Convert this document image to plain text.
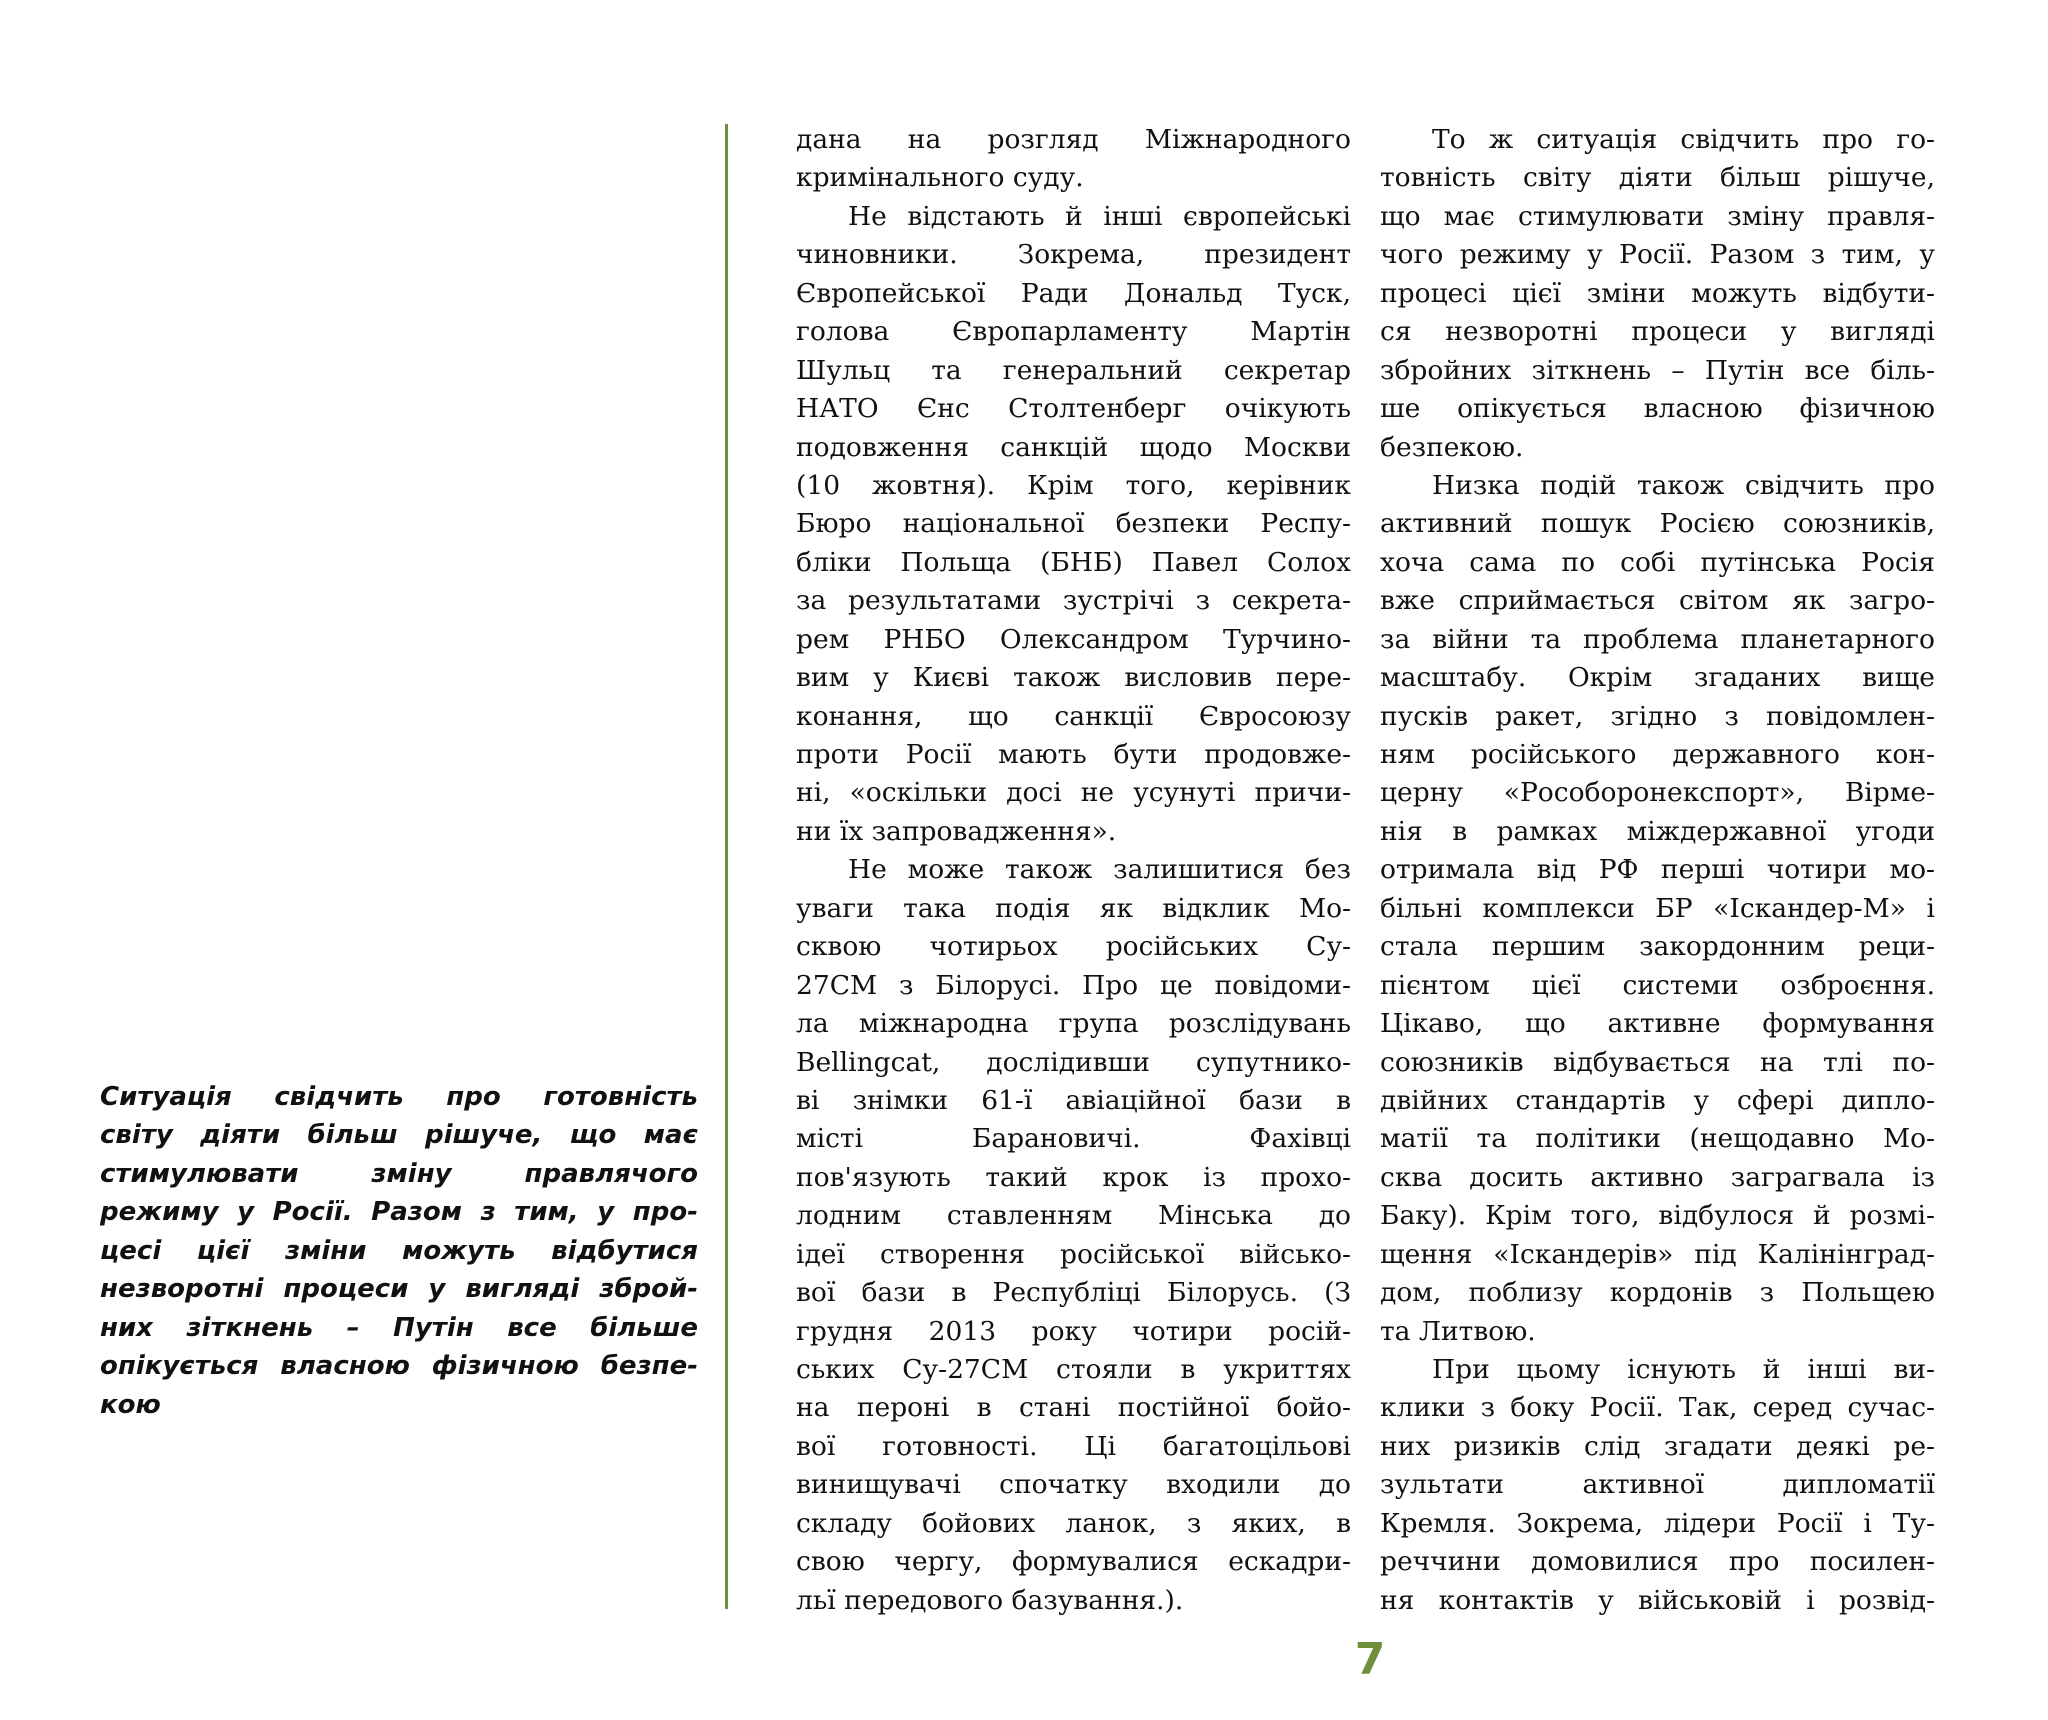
Ситуація свідчить про готовність
світу діяти більш рішуче, що має
стимулювати зміну правлячого
режиму у Росії. Разом з тим, у про-
цесі цієї зміни можуть відбутися
незворотні процеси у вигляді зброй-
них зіткнень – Путін все більше
опікується власною фізичною безпе-
кою
дана на розгляд Міжнародного
кримінального суду.
Не відстають й інші європейські
чиновники. Зокрема, президент
Європейської Ради Дональд Туск,
голова Європарламенту Мартін
Шульц та генеральний секретар
НАТО Єнс Столтенберг очікують
подовження санкцій щодо Москви
(10 жовтня). Крім того, керівник
Бюро національної безпеки Респу-
бліки Польща (БНБ) Павел Солох
за результатами зустрічі з секрета-
рем РНБО Олександром Турчино-
вим у Києві також висловив пере-
конання, що санкції Євросоюзу
проти Росії мають бути продовже-
ні, «оскільки досі не усунуті причи-
ни їх запровадження».
Не може також залишитися без
уваги така подія як відклик Мо-
сквою чотирьох російських Су-
27СМ з Білорусі. Про це повідоми-
ла міжнародна група розслідувань
Bellingcat, дослідивши супутнико-
ві знімки 61-ї авіаційної бази в
місті Барановичі. Фахівці
пов'язують такий крок із прохо-
лодним ставленням Мінська до
ідеї створення російської військо-
вої бази в Республіці Білорусь. (З
грудня 2013 року чотири росій-
ських Су-27СМ стояли в укриттях
на пероні в стані постійної бойо-
вої готовності. Ці багатоцільові
винищувачі спочатку входили до
складу бойових ланок, з яких, в
свою чергу, формувалися ескадри-
льї передового базування.).
То ж ситуація свідчить про го-
товність світу діяти більш рішуче,
що має стимулювати зміну правля-
чого режиму у Росії. Разом з тим, у
процесі цієї зміни можуть відбути-
ся незворотні процеси у вигляді
збройних зіткнень – Путін все біль-
ше опікується власною фізичною
безпекою.
Низка подій також свідчить про
активний пошук Росією союзників,
хоча сама по собі путінська Росія
вже сприймається світом як загро-
за війни та проблема планетарного
масштабу. Окрім згаданих вище
пусків ракет, згідно з повідомлен-
ням російського державного кон-
церну «Рособоронекспорт», Вірме-
нія в рамках міждержавної угоди
отримала від РФ перші чотири мо-
більні комплекси БР «Іскандер-М» і
стала першим закордонним реци-
пієнтом цієї системи озброєння.
Цікаво, що активне формування
союзників відбувається на тлі по-
двійних стандартів у сфері дипло-
матії та політики (нещодавно Мо-
сква досить активно заграгвала із
Баку). Крім того, відбулося й розмі-
щення «Іскандерів» під Калінінград-
дом, поблизу кордонів з Польщею
та Литвою.
При цьому існують й інші ви-
клики з боку Росії. Так, серед сучас-
них ризиків слід згадати деякі ре-
зультати активної дипломатії
Кремля. Зокрема, лідери Росії і Ту-
реччини домовилися про посилен-
ня контактів у військовій і розвід-
7
